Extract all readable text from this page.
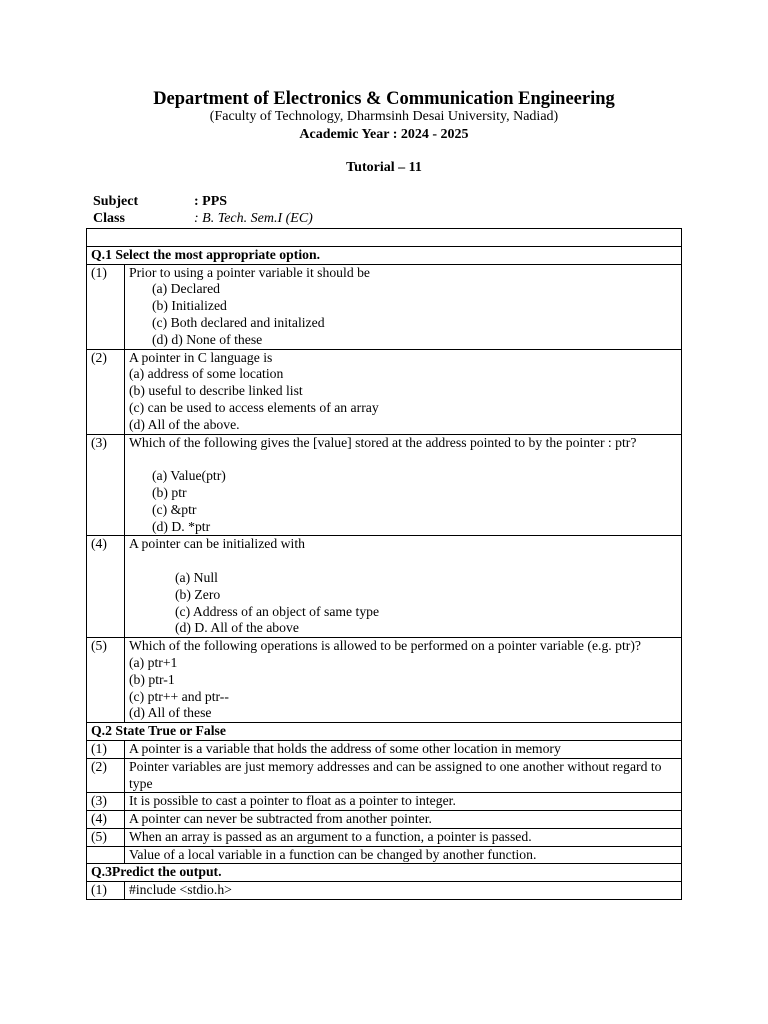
Department of Electronics & Communication Engineering
(Faculty of Technology, Dharmsinh Desai University, Nadiad)
Academic Year : 2024 - 2025
Tutorial – 11
Subject	: PPS
Class	: B. Tech. Sem.I (EC)

Q.1 Select the most appropriate option.	
(1)	Prior to using a pointer variable it should be
(a) Declared
(b) Initialized
(c) Both declared and initalized
(d) d) None of these

(2)	A pointer in C language is
(a) address of some location
(b) useful to describe linked list
(c) can be used to access elements of an array
(d) All of the above.

(3)	Which of the following gives the [value] stored at the address pointed to by the pointer : ptr?
(a) Value(ptr)
(b) ptr
(c) &ptr
(d) D. *ptr

(4)	A pointer can be initialized with
(a) Null
(b) Zero
(c) Address of an object of same type
(d) D. All of the above

(5)	Which of the following operations is allowed to be performed on a pointer variable (e.g. ptr)?
(a) ptr+1
(b) ptr-1
(c) ptr++ and ptr--
(d) All of these

Q.2 State True or False	
(1)	A pointer is a variable that holds the address of some other location in memory
(2)	Pointer variables are just memory addresses and can be assigned to one another without regard to type
(3)	It is possible to cast a pointer to float as a pointer to integer.
(4)	A pointer can never be subtracted from another pointer.
(5)	When an array is passed as an argument to a function, a pointer is passed.
	Value of a local variable in a function can be changed by another function.
Q.3Predict the output.	
(1)	#include <stdio.h>
